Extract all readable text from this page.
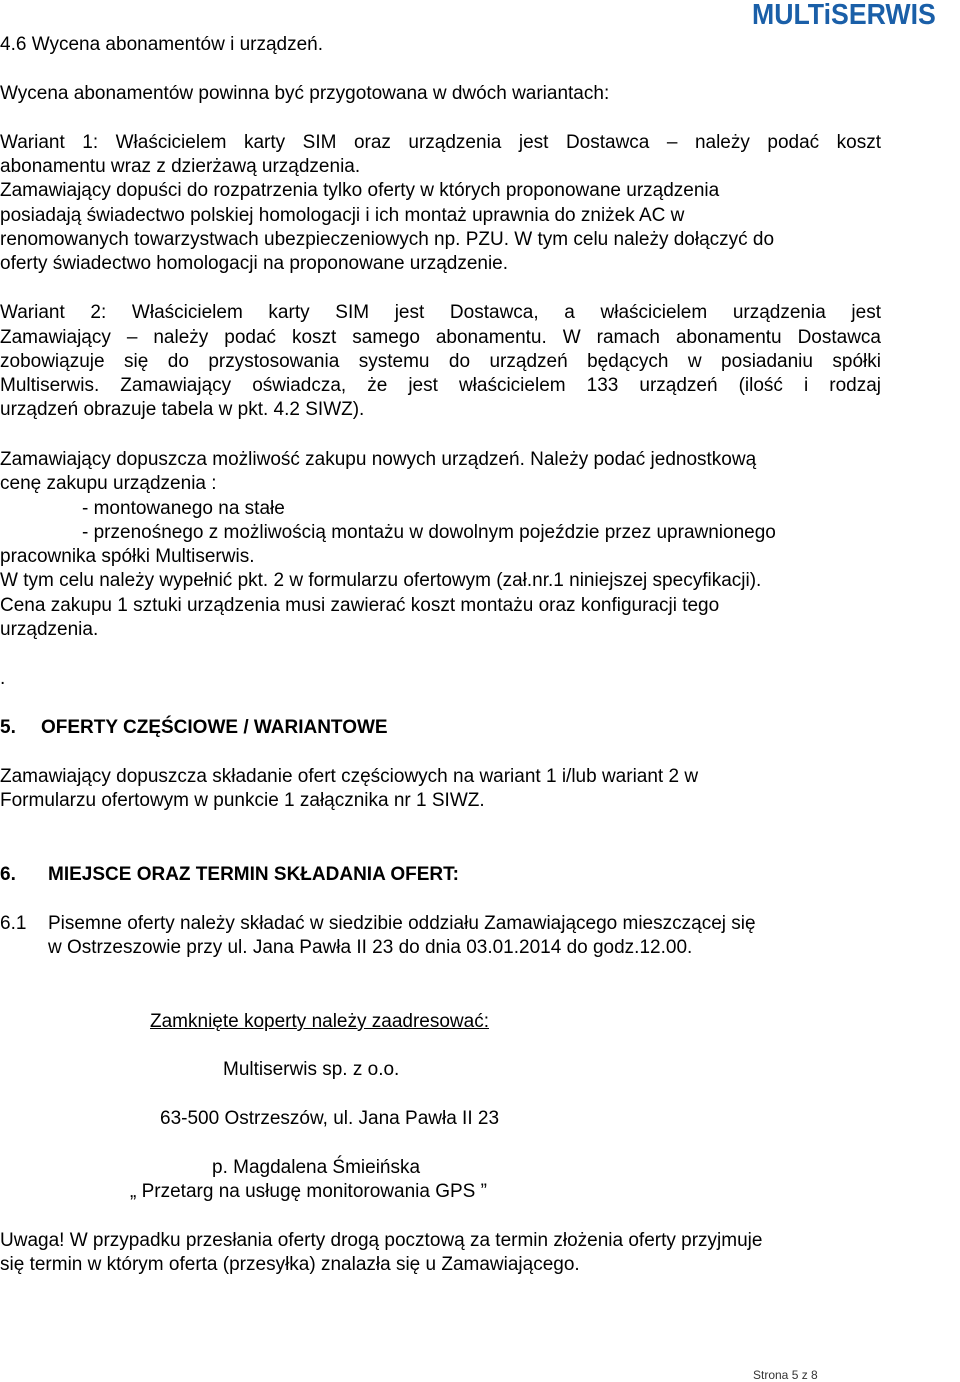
4.6 Wycena abonamentów i urządzeń.
MULTiSERWIS
Wycena abonamentów powinna być przygotowana w dwóch wariantach:
Wariant 1: Właścicielem karty SIM oraz urządzenia jest Dostawca – należy podać koszt
abonamentu wraz z dzierżawą urządzenia.
Zamawiający dopuści do rozpatrzenia tylko oferty w których proponowane urządzenia
posiadają świadectwo polskiej homologacji i ich montaż uprawnia do zniżek AC w
renomowanych towarzystwach ubezpieczeniowych np. PZU. W tym celu należy dołączyć do
oferty świadectwo homologacji na proponowane urządzenie.
Wariant 2: Właścicielem karty SIM jest Dostawca, a właścicielem urządzenia jest
Zamawiający – należy podać koszt samego abonamentu. W ramach abonamentu Dostawca
zobowiązuje się do przystosowania systemu do urządzeń będących w posiadaniu spółki
Multiserwis. Zamawiający oświadcza, że jest właścicielem 133 urządzeń (ilość i rodzaj
urządzeń obrazuje tabela w pkt. 4.2 SIWZ).
Zamawiający dopuszcza możliwość zakupu nowych urządzeń. Należy podać jednostkową
cenę zakupu urządzenia :
- montowanego na stałe
- przenośnego z możliwością montażu w dowolnym pojeździe przez uprawnionego
pracownika spółki Multiserwis.
W tym celu należy wypełnić pkt. 2 w formularzu ofertowym (zał.nr.1 niniejszej specyfikacji).
Cena zakupu 1 sztuki urządzenia musi zawierać koszt montażu oraz konfiguracji tego
urządzenia.
.
5. OFERTY CZĘŚCIOWE / WARIANTOWE
Zamawiający dopuszcza składanie ofert częściowych na wariant 1 i/lub wariant 2 w
Formularzu ofertowym w punkcie 1 załącznika nr 1 SIWZ.
6. MIEJSCE ORAZ TERMIN SKŁADANIA OFERT:
6.1 Pisemne oferty należy składać w siedzibie oddziału Zamawiającego mieszczącej się
w Ostrzeszowie przy ul. Jana Pawła II 23 do dnia 03.01.2014 do godz.12.00.
Zamknięte koperty należy zaadresować:
Multiserwis sp. z o.o.
63-500 Ostrzeszów, ul. Jana Pawła II 23
p. Magdalena Śmieińska
„ Przetarg na usługę monitorowania GPS ”
Uwaga! W przypadku przesłania oferty drogą pocztową za termin złożenia oferty przyjmuje
się termin w którym oferta (przesyłka) znalazła się u Zamawiającego.
Strona 5 z 8
